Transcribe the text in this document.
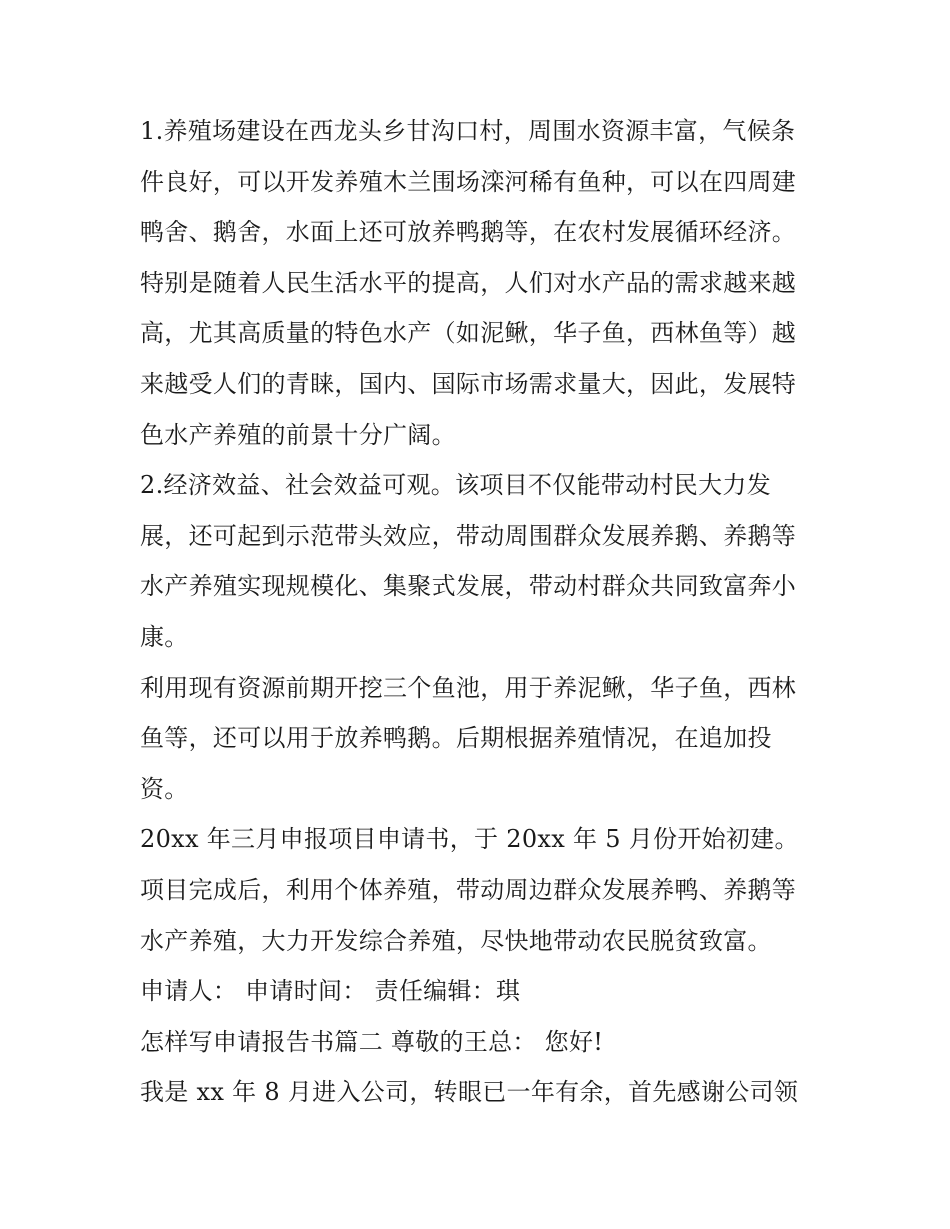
1.养殖场建设在西龙头乡甘沟口村，周围水资源丰富，气候条
件良好，可以开发养殖木兰围场滦河稀有鱼种，可以在四周建
鸭舍、鹅舍，水面上还可放养鸭鹅等，在农村发展循环经济。
特别是随着人民生活水平的提高，人们对水产品的需求越来越
高，尤其高质量的特色水产（如泥鳅，华子鱼，西林鱼等）越
来越受人们的青睐，国内、国际市场需求量大，因此，发展特
色水产养殖的前景十分广阔。
2.经济效益、社会效益可观。该项目不仅能带动村民大力发
展，还可起到示范带头效应，带动周围群众发展养鹅、养鹅等
水产养殖实现规模化、集聚式发展，带动村群众共同致富奔小
康。
利用现有资源前期开挖三个鱼池，用于养泥鳅，华子鱼，西林
鱼等，还可以用于放养鸭鹅。后期根据养殖情况，在追加投
资。
20xx 年三月申报项目申请书，于 20xx 年 5 月份开始初建。
项目完成后，利用个体养殖，带动周边群众发展养鸭、养鹅等
水产养殖，大力开发综合养殖，尽快地带动农民脱贫致富。
申请人： 申请时间： 责任编辑：琪
怎样写申请报告书篇二 尊敬的王总： 您好!
我是 xx 年 8 月进入公司，转眼已一年有余，首先感谢公司领
